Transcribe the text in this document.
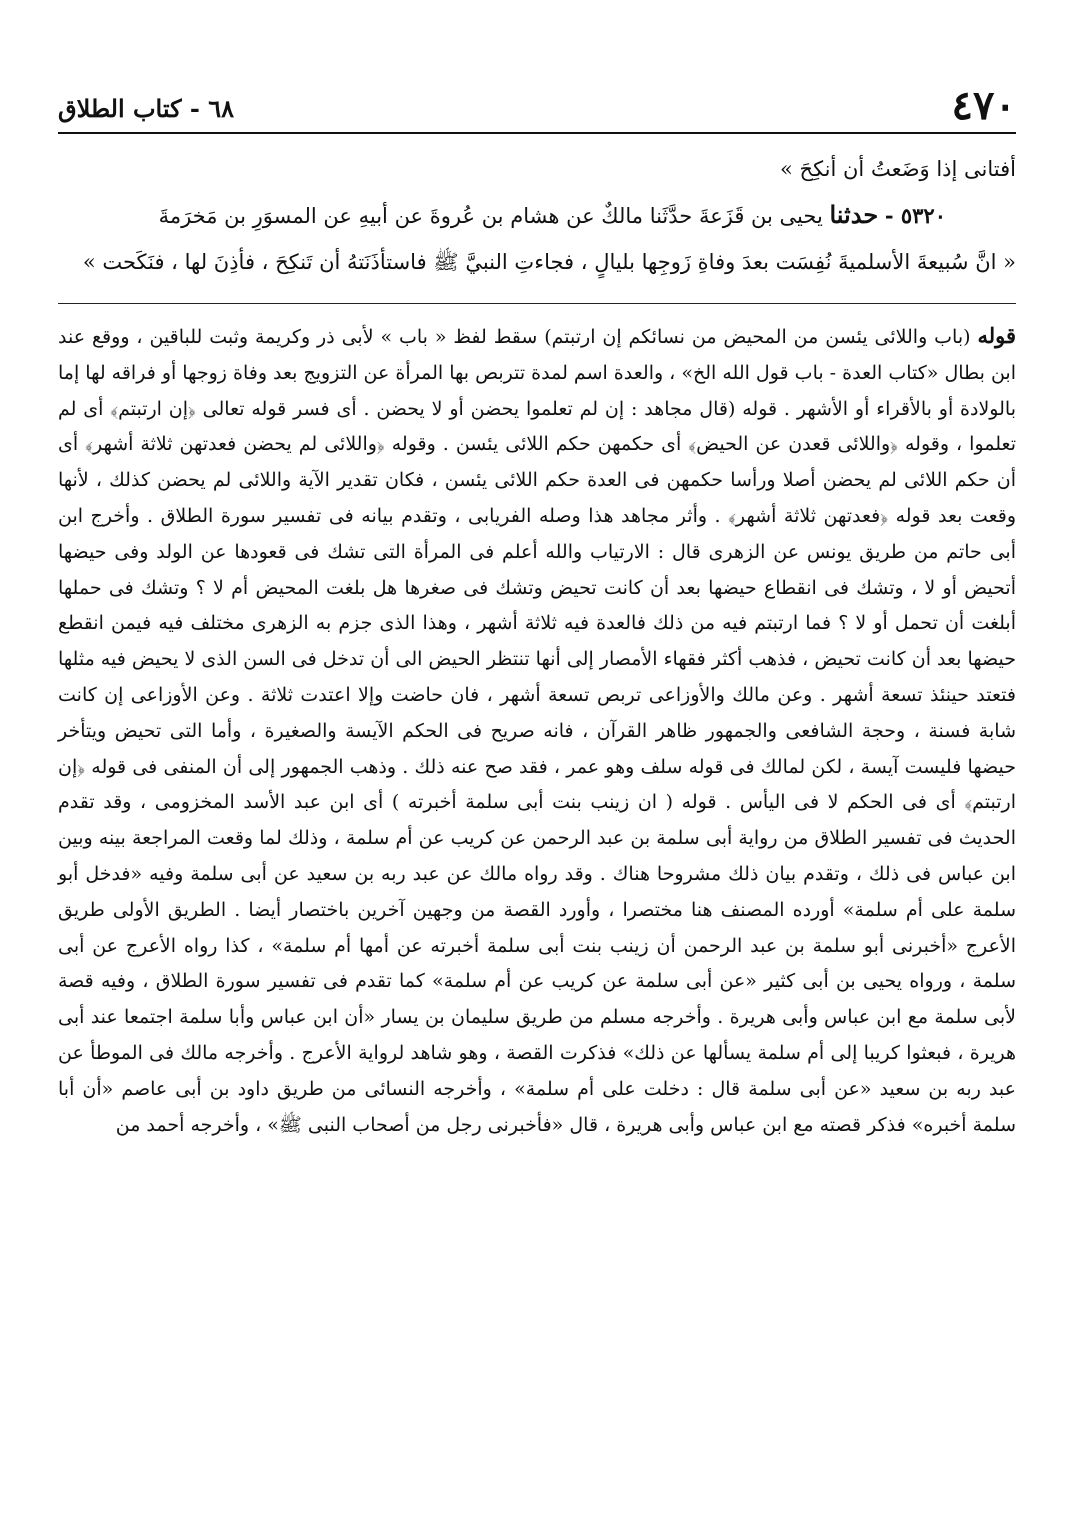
٤٧٠
٦٨ - كتاب الطلاق

أفتانى إذا وَضَعتُ أن أنكِحَ »

٥٣٢٠ - حدثنا يحيى بن قَزَعةَ حدَّثَنا مالكٌ عن هشام بن عُروةَ عن أبيهِ عن المسوَرِ بن مَخرَمةَ

« انَّ سُبيعةَ الأسلميةَ نُفِسَت بعدَ وفاةِ زَوجِها بليالٍ ، فجاءتِ النبيَّ ﷺ فاستأذَنَتهُ أن تَنكِحَ ، فأذِنَ لها ، فنَكَحت »

قوله (باب واللائى يئسن من المحيض من نسائكم إن ارتبتم) سقط لفظ « باب » لأبى ذر وكريمة وثبت للباقين ، ووقع عند ابن بطال «كتاب العدة - باب قول الله الخ» ، والعدة اسم لمدة تتربص بها المرأة عن التزويج بعد وفاة زوجها أو فراقه لها إما بالولادة أو بالأقراء أو الأشهر . قوله (قال مجاهد : إن لم تعلموا يحضن أو لا يحضن . أى فسر قوله تعالى ﴿إن ارتبتم﴾ أى لم تعلموا ، وقوله ﴿واللائى قعدن عن الحيض﴾ أى حكمهن حكم اللائى يئسن . وقوله ﴿واللائى لم يحضن فعدتهن ثلاثة أشهر﴾ أى أن حكم اللائى لم يحضن أصلا ورأسا حكمهن فى العدة حكم اللائى يئسن ، فكان تقدير الآية واللائى لم يحضن كذلك ، لأنها وقعت بعد قوله ﴿فعدتهن ثلاثة أشهر﴾ . وأثر مجاهد هذا وصله الفريابى ، وتقدم بيانه فى تفسير سورة الطلاق . وأخرج ابن أبى حاتم من طريق يونس عن الزهرى قال : الارتياب والله أعلم فى المرأة التى تشك فى قعودها عن الولد وفى حيضها أتحيض أو لا ، وتشك فى انقطاع حيضها بعد أن كانت تحيض وتشك فى صغرها هل بلغت المحيض أم لا ؟ وتشك فى حملها أبلغت أن تحمل أو لا ؟ فما ارتبتم فيه من ذلك فالعدة فيه ثلاثة أشهر ، وهذا الذى جزم به الزهرى مختلف فيه فيمن انقطع حيضها بعد أن كانت تحيض ، فذهب أكثر فقهاء الأمصار إلى أنها تنتظر الحيض الى أن تدخل فى السن الذى لا يحيض فيه مثلها فتعتد حينئذ تسعة أشهر . وعن مالك والأوزاعى تربص تسعة أشهر ، فان حاضت وإلا اعتدت ثلاثة . وعن الأوزاعى إن كانت شابة فسنة ، وحجة الشافعى والجمهور ظاهر القرآن ، فانه صريح فى الحكم الآيسة والصغيرة ، وأما التى تحيض ويتأخر حيضها فليست آيسة ، لكن لمالك فى قوله سلف وهو عمر ، فقد صح عنه ذلك . وذهب الجمهور إلى أن المنفى فى قوله ﴿إن ارتبتم﴾ أى فى الحكم لا فى اليأس . قوله ( ان زينب بنت أبى سلمة أخبرته ) أى ابن عبد الأسد المخزومى ، وقد تقدم الحديث فى تفسير الطلاق من رواية أبى سلمة بن عبد الرحمن عن كريب عن أم سلمة ، وذلك لما وقعت المراجعة بينه وبين ابن عباس فى ذلك ، وتقدم بيان ذلك مشروحا هناك . وقد رواه مالك عن عبد ربه بن سعيد عن أبى سلمة وفيه «فدخل أبو سلمة على أم سلمة» أورده المصنف هنا مختصرا ، وأورد القصة من وجهين آخرين باختصار أيضا . الطريق الأولى طريق الأعرج «أخبرنى أبو سلمة بن عبد الرحمن أن زينب بنت أبى سلمة أخبرته عن أمها أم سلمة» ، كذا رواه الأعرج عن أبى سلمة ، ورواه يحيى بن أبى كثير «عن أبى سلمة عن كريب عن أم سلمة» كما تقدم فى تفسير سورة الطلاق ، وفيه قصة لأبى سلمة مع ابن عباس وأبى هريرة . وأخرجه مسلم من طريق سليمان بن يسار «أن ابن عباس وأبا سلمة اجتمعا عند أبى هريرة ، فبعثوا كريبا إلى أم سلمة يسألها عن ذلك» فذكرت القصة ، وهو شاهد لرواية الأعرج . وأخرجه مالك فى الموطأ عن عبد ربه بن سعيد «عن أبى سلمة قال : دخلت على أم سلمة» ، وأخرجه النسائى من طريق داود بن أبى عاصم «أن أبا سلمة أخبره» فذكر قصته مع ابن عباس وأبى هريرة ، قال «فأخبرنى رجل من أصحاب النبى ﷺ» ، وأخرجه أحمد من
